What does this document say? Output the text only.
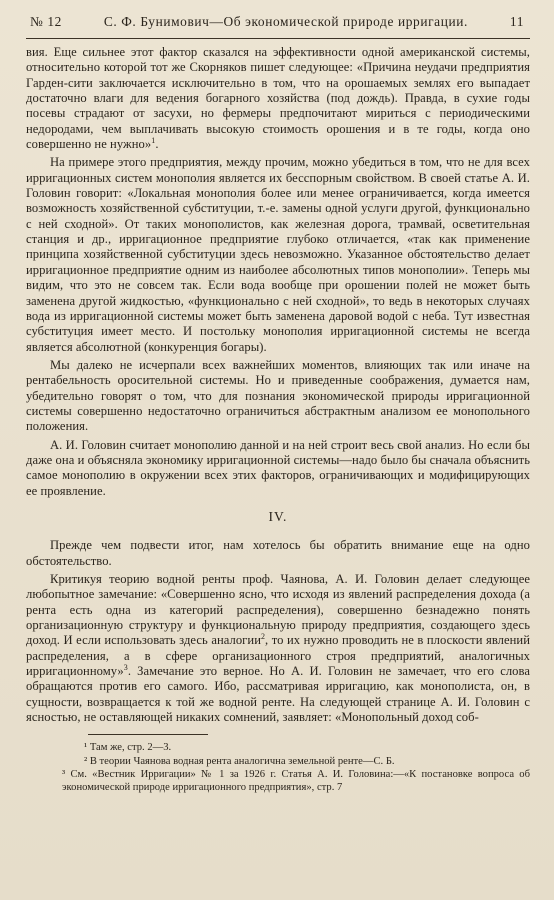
№ 12	С. Ф. Бунимович—Об экономической природе ирригации.	11

вия. Еще сильнее этот фактор сказался на эффективности одной американской системы, относительно которой тот же Скорняков пишет следующее: «Причина неудачи предприятия Гарден-сити заключается исключительно в том, что на орошаемых землях его выпадает достаточно влаги для ведения богарного хозяйства (под дождь). Правда, в сухие годы посевы страдают от засухи, но фермеры предпочитают мириться с периодическими недородами, чем выплачивать высокую стоимость орошения и в те годы, когда оно совершенно не нужно»$^1$.

На примере этого предприятия, между прочим, можно убедиться в том, что не для всех ирригационных систем монополия является их бесспорным свойством. В своей статье А. И. Головин говорит: «Локальная монополия более или менее ограничивается, когда имеется возможность хозяйственной субституции, т.-е. замены одной услуги другой, функционально с ней сходной». От таких монополистов, как железная дорога, трамвай, осветительная станция и др., ирригационное предприятие глубоко отличается, «так как применение принципа хозяйственной субституции здесь невозможно. Указанное обстоятельство делает ирригационное предприятие одним из наиболее абсолютных типов монополии». Теперь мы видим, что это не совсем так. Если вода вообще при орошении полей не может быть заменена другой жидкостью, «функционально с ней сходной», то ведь в некоторых случаях вода из ирригационной системы может быть заменена даровой водой с неба. Тут известная субституция имеет место. И постольку монополия ирригационной системы не всегда является абсолютной (конкуренция богары).

Мы далеко не исчерпали всех важнейших моментов, влияющих так или иначе на рентабельность оросительной системы. Но и приведенные соображения, думается нам, убедительно говорят о том, что для познания экономической природы ирригационной системы совершенно недостаточно ограничиться абстрактным анализом ее монопольного положения.

А. И. Головин считает монополию данной и на ней строит весь свой анализ. Но если бы даже она и объясняла экономику ирригационной системы—надо было бы сначала объяснить самое монополию в окружении всех этих факторов, ограничивающих и модифицирующих ее проявление.

IV.

Прежде чем подвести итог, нам хотелось бы обратить внимание еще на одно обстоятельство.

Критикуя теорию водной ренты проф. Чаянова, А. И. Головин делает следующее любопытное замечание: «Совершенно ясно, что исходя из явлений распределения дохода (а рента есть одна из категорий распределения), совершенно безнадежно понять организационную структуру и функциональную природу предприятия, создающего здесь доход. И если использовать здесь аналогии$^2$, то их нужно проводить не в плоскости явлений распределения, а в сфере организационного строя предприятий, аналогичных ирригационному»$^3$. Замечание это верное. Но А. И. Головин не замечает, что его слова обращаются против его самого. Ибо, рассматривая ирригацию, как монополиста, он, в сущности, возвращается к той же водной ренте. На следующей странице А. И. Головин с ясностью, не оставляющей никаких сомнений, заявляет: «Монопольный доход соб-

¹ Там же, стр. 2—3.

² В теории Чаянова водная рента аналогична земельной ренте—С. Б.

³ См. «Вестник Ирригации» № 1 за 1926 г. Статья А. И. Головина:—«К постановке вопроса об экономической природе ирригационного предприятия», стр. 7
